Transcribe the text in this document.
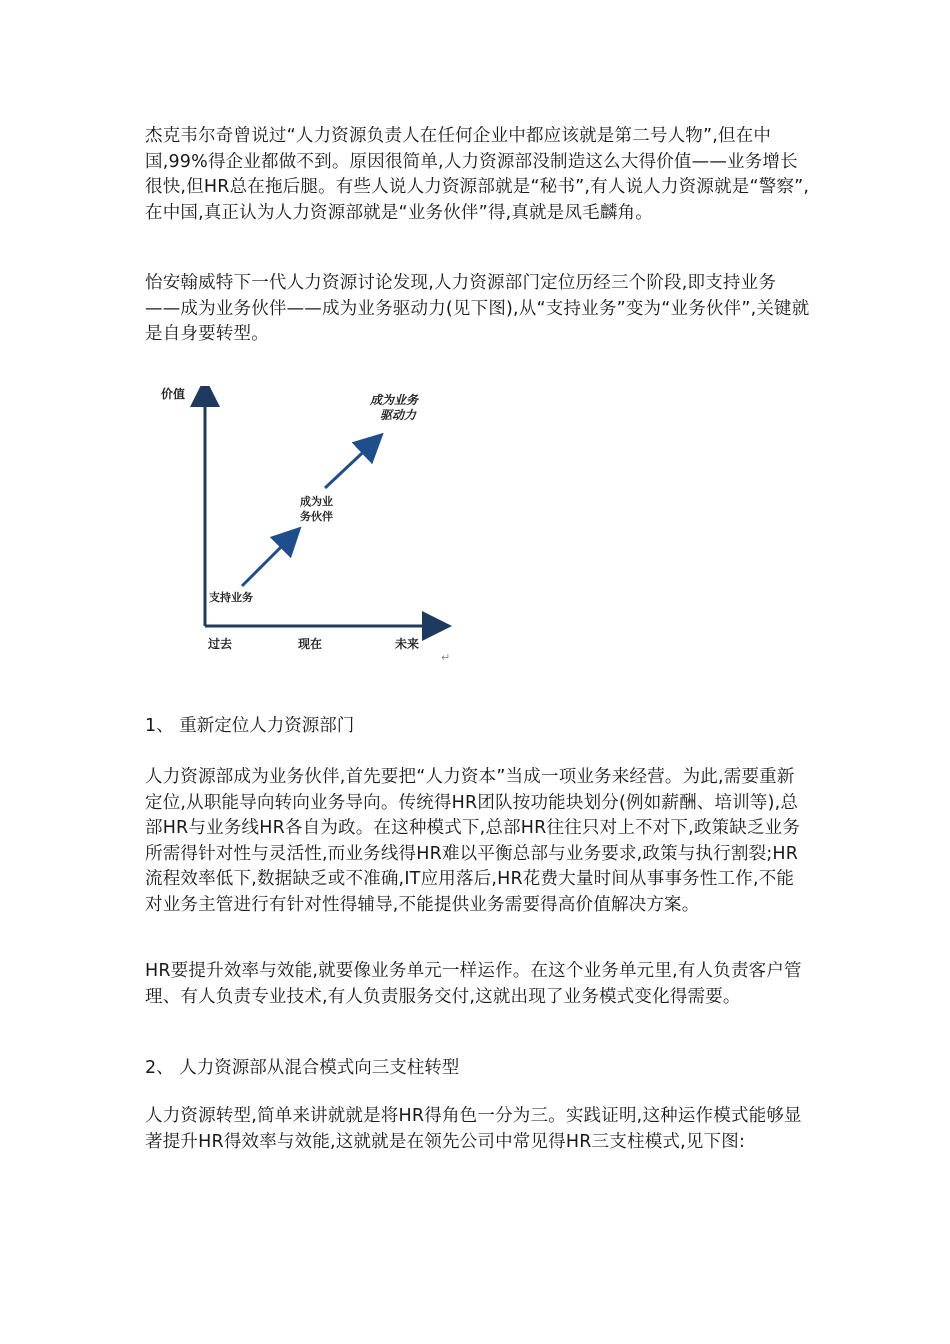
杰克韦尔奇曾说过“人力资源负责人在任何企业中都应该就是第二号人物”,但在中国,99%得企业都做不到。原因很简单,人力资源部没制造这么大得价值——业务增长很快,但HR总在拖后腿。有些人说人力资源部就是“秘书”,有人说人力资源就是“警察”,在中国,真正认为人力资源部就是“业务伙伴”得,真就是凤毛麟角。

怡安翰威特下一代人力资源讨论发现,人力资源部门定位历经三个阶段,即支持业务——成为业务伙伴——成为业务驱动力(见下图),从“支持业务”变为“业务伙伴”,关键就是自身要转型。

价值
支持业务
成为业
务伙伴
成为业务
驱动力
过去	现在	未来
↵

1、 重新定位人力资源部门

人力资源部成为业务伙伴,首先要把“人力资本”当成一项业务来经营。为此,需要重新定位,从职能导向转向业务导向。传统得HR团队按功能块划分(例如薪酬、培训等),总部HR与业务线HR各自为政。在这种模式下,总部HR往往只对上不对下,政策缺乏业务所需得针对性与灵活性,而业务线得HR难以平衡总部与业务要求,政策与执行割裂;HR流程效率低下,数据缺乏或不准确,IT应用落后,HR花费大量时间从事事务性工作,不能对业务主管进行有针对性得辅导,不能提供业务需要得高价值解决方案。

HR要提升效率与效能,就要像业务单元一样运作。在这个业务单元里,有人负责客户管理、有人负责专业技术,有人负责服务交付,这就出现了业务模式变化得需要。

2、 人力资源部从混合模式向三支柱转型

人力资源转型,简单来讲就就是将HR得角色一分为三。实践证明,这种运作模式能够显著提升HR得效率与效能,这就就是在领先公司中常见得HR三支柱模式,见下图:
